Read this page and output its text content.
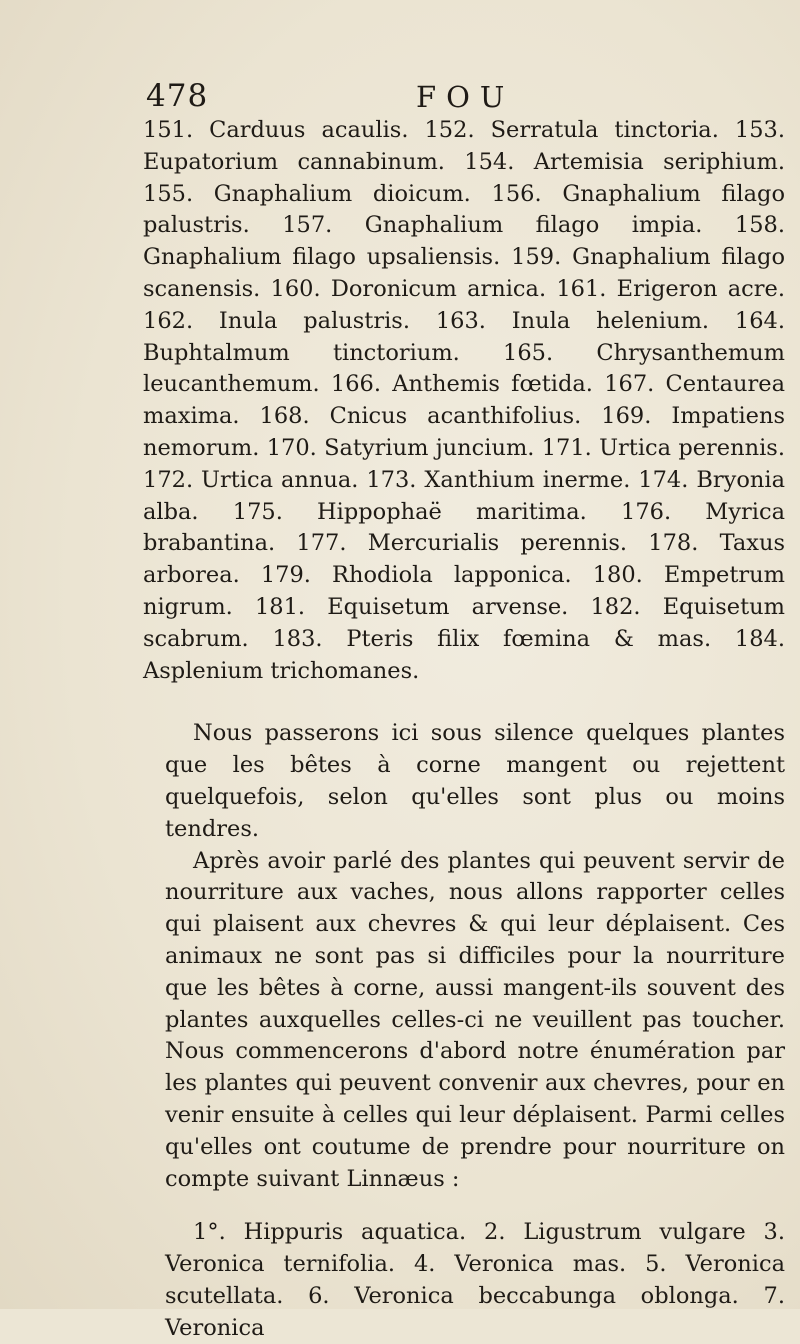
478	FOU

151. Carduus acaulis. 152. Serratula tinctoria. 153. Eupatorium cannabinum. 154. Artemisia seriphium. 155. Gnaphalium dioicum. 156. Gnaphalium filago palustris. 157. Gnaphalium filago impia. 158. Gnaphalium filago upsaliensis. 159. Gnaphalium filago scanensis. 160. Doronicum arnica. 161. Erigeron acre. 162. Inula palustris. 163. Inula helenium. 164. Buphtalmum tinctorium. 165. Chrysanthemum leucanthemum. 166. Anthemis fœtida. 167. Centaurea maxima. 168. Cnicus acanthifolius. 169. Impatiens nemorum. 170. Satyrium juncium. 171. Urtica perennis. 172. Urtica annua. 173. Xanthium inerme. 174. Bryonia alba. 175. Hippophaë maritima. 176. Myrica brabantina. 177. Mercurialis perennis. 178. Taxus arborea. 179. Rhodiola lapponica. 180. Empetrum nigrum. 181. Equisetum arvense. 182. Equisetum scabrum. 183. Pteris filix fœmina & mas. 184. Asplenium trichomanes.

Nous passerons ici sous silence quelques plantes que les bêtes à corne mangent ou rejettent quelquefois, selon qu'elles sont plus ou moins tendres.

Après avoir parlé des plantes qui peuvent servir de nourriture aux vaches, nous allons rapporter celles qui plaisent aux chevres & qui leur déplaisent. Ces animaux ne sont pas si difficiles pour la nourriture que les bêtes à corne, aussi mangent-ils souvent des plantes auxquelles celles-ci ne veuillent pas toucher. Nous commencerons d'abord notre énumération par les plantes qui peuvent convenir aux chevres, pour en venir ensuite à celles qui leur déplaisent. Parmi celles qu'elles ont coutume de prendre pour nourriture on compte suivant Linnæus :

1°. Hippuris aquatica. 2. Ligustrum vulgare 3. Veronica ternifolia. 4. Veronica mas. 5. Veronica scutellata. 6. Veronica beccabunga oblonga. 7. Veronica
